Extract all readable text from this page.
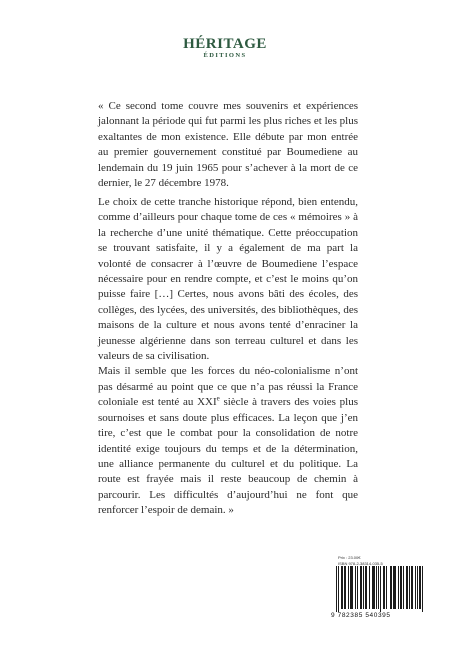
HÉRITAGE
ÉDITIONS

« Ce second tome couvre mes souvenirs et expériences jalonnant la période qui fut parmi les plus riches et les plus exaltantes de mon existence. Elle débute par mon entrée au premier gouvernement constitué par Boumediene au lendemain du 19 juin 1965 pour s’achever à la mort de ce dernier, le 27 décembre 1978.

Le choix de cette tranche historique répond, bien entendu, comme d’ailleurs pour chaque tome de ces « mémoires » à la recherche d’une unité thématique. Cette préoccupation se trouvant satisfaite, il y a également de ma part la volonté de consacrer à l’œuvre de Boumediene l’espace nécessaire pour en rendre compte, et c’est le moins qu’on puisse faire […] Certes, nous avons bâti des écoles, des collèges, des lycées, des universités, des bibliothèques, des maisons de la culture et nous avons tenté d’enraciner la jeunesse algérienne dans son terreau culturel et dans les valeurs de sa civilisation.

Mais il semble que les forces du néo-colonialisme n’ont pas désarmé au point que ce que n’a pas réussi la France coloniale est tenté au XXIe siècle à travers des voies plus sournoises et sans doute plus efficaces. La leçon que j’en tire, c’est que le combat pour la consolidation de notre identité exige toujours du temps et de la détermination, une alliance permanente du culturel et du politique. La route est frayée mais il reste beaucoup de chemin à parcourir. Les difficultés d’aujourd’hui ne font que renforcer l’espoir de demain. »

Prix : 23.00€
ISBN 978-2-38314-035-5
9 782385 540395
